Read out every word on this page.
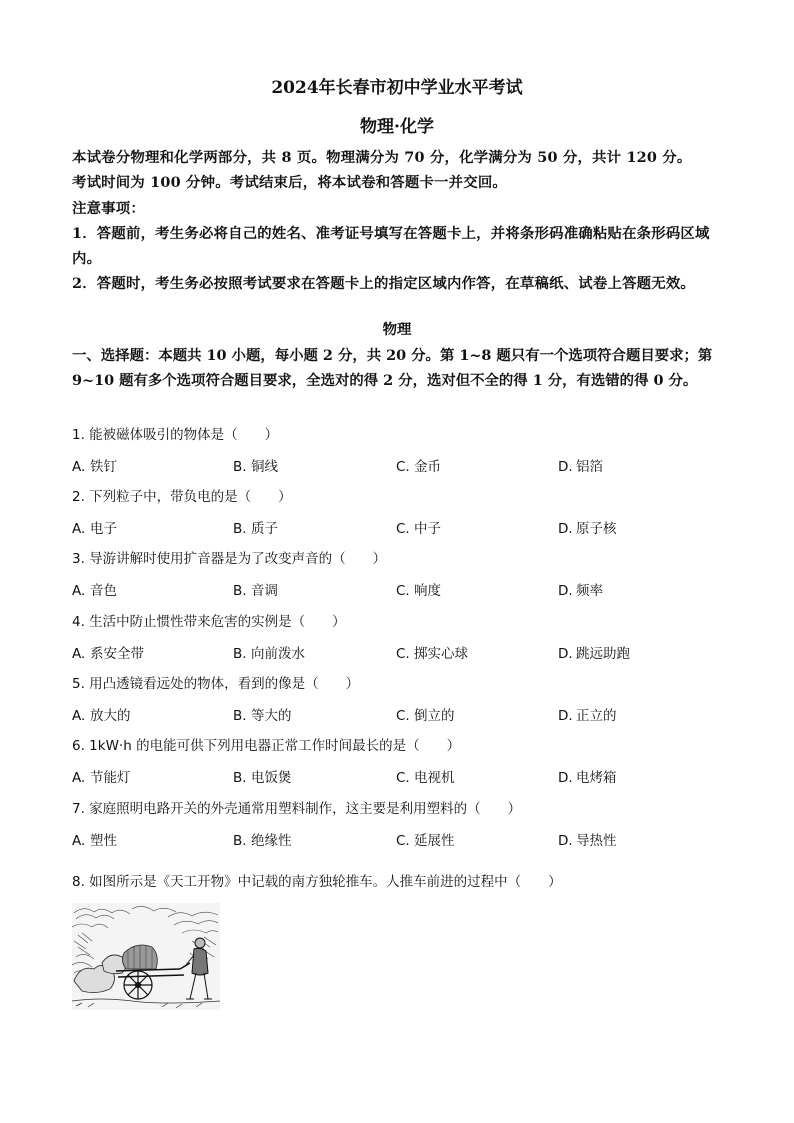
2024年长春市初中学业水平考试
物理·化学

本试卷分物理和化学两部分，共 8 页。物理满分为 70 分，化学满分为 50 分，共计 120 分。

考试时间为 100 分钟。考试结束后，将本试卷和答题卡一并交回。

注意事项：

1．答题前，考生务必将自己的姓名、准考证号填写在答题卡上，并将条形码准确粘贴在条形码区域内。

2．答题时，考生务必按照考试要求在答题卡上的指定区域内作答，在草稿纸、试卷上答题无效。

物理

一、选择题：本题共 10 小题，每小题 2 分，共 20 分。第 1~8 题只有一个选项符合题目要求；第 9~10 题有多个选项符合题目要求，全选对的得 2 分，选对但不全的得 1 分，有选错的得 0 分。

1. 能被磁体吸引的物体是（　　）
A. 铁钉	B. 铜线	C. 金币	D. 铝箔
2. 下列粒子中，带负电的是（　　）
A. 电子	B. 质子	C. 中子	D. 原子核
3. 导游讲解时使用扩音器是为了改变声音的（　　）
A. 音色	B. 音调	C. 响度	D. 频率
4. 生活中防止惯性带来危害的实例是（　　）
A. 系安全带	B. 向前泼水	C. 掷实心球	D. 跳远助跑
5. 用凸透镜看远处的物体，看到的像是（　　）
A. 放大的	B. 等大的	C. 倒立的	D. 正立的
6. 1kW·h 的电能可供下列用电器正常工作时间最长的是（　　）
A. 节能灯	B. 电饭煲	C. 电视机	D. 电烤箱
7. 家庭照明电路开关的外壳通常用塑料制作，这主要是利用塑料的（　　）
A. 塑性	B. 绝缘性	C. 延展性	D. 导热性
8. 如图所示是《天工开物》中记载的南方独轮推车。人推车前进的过程中（　　）
